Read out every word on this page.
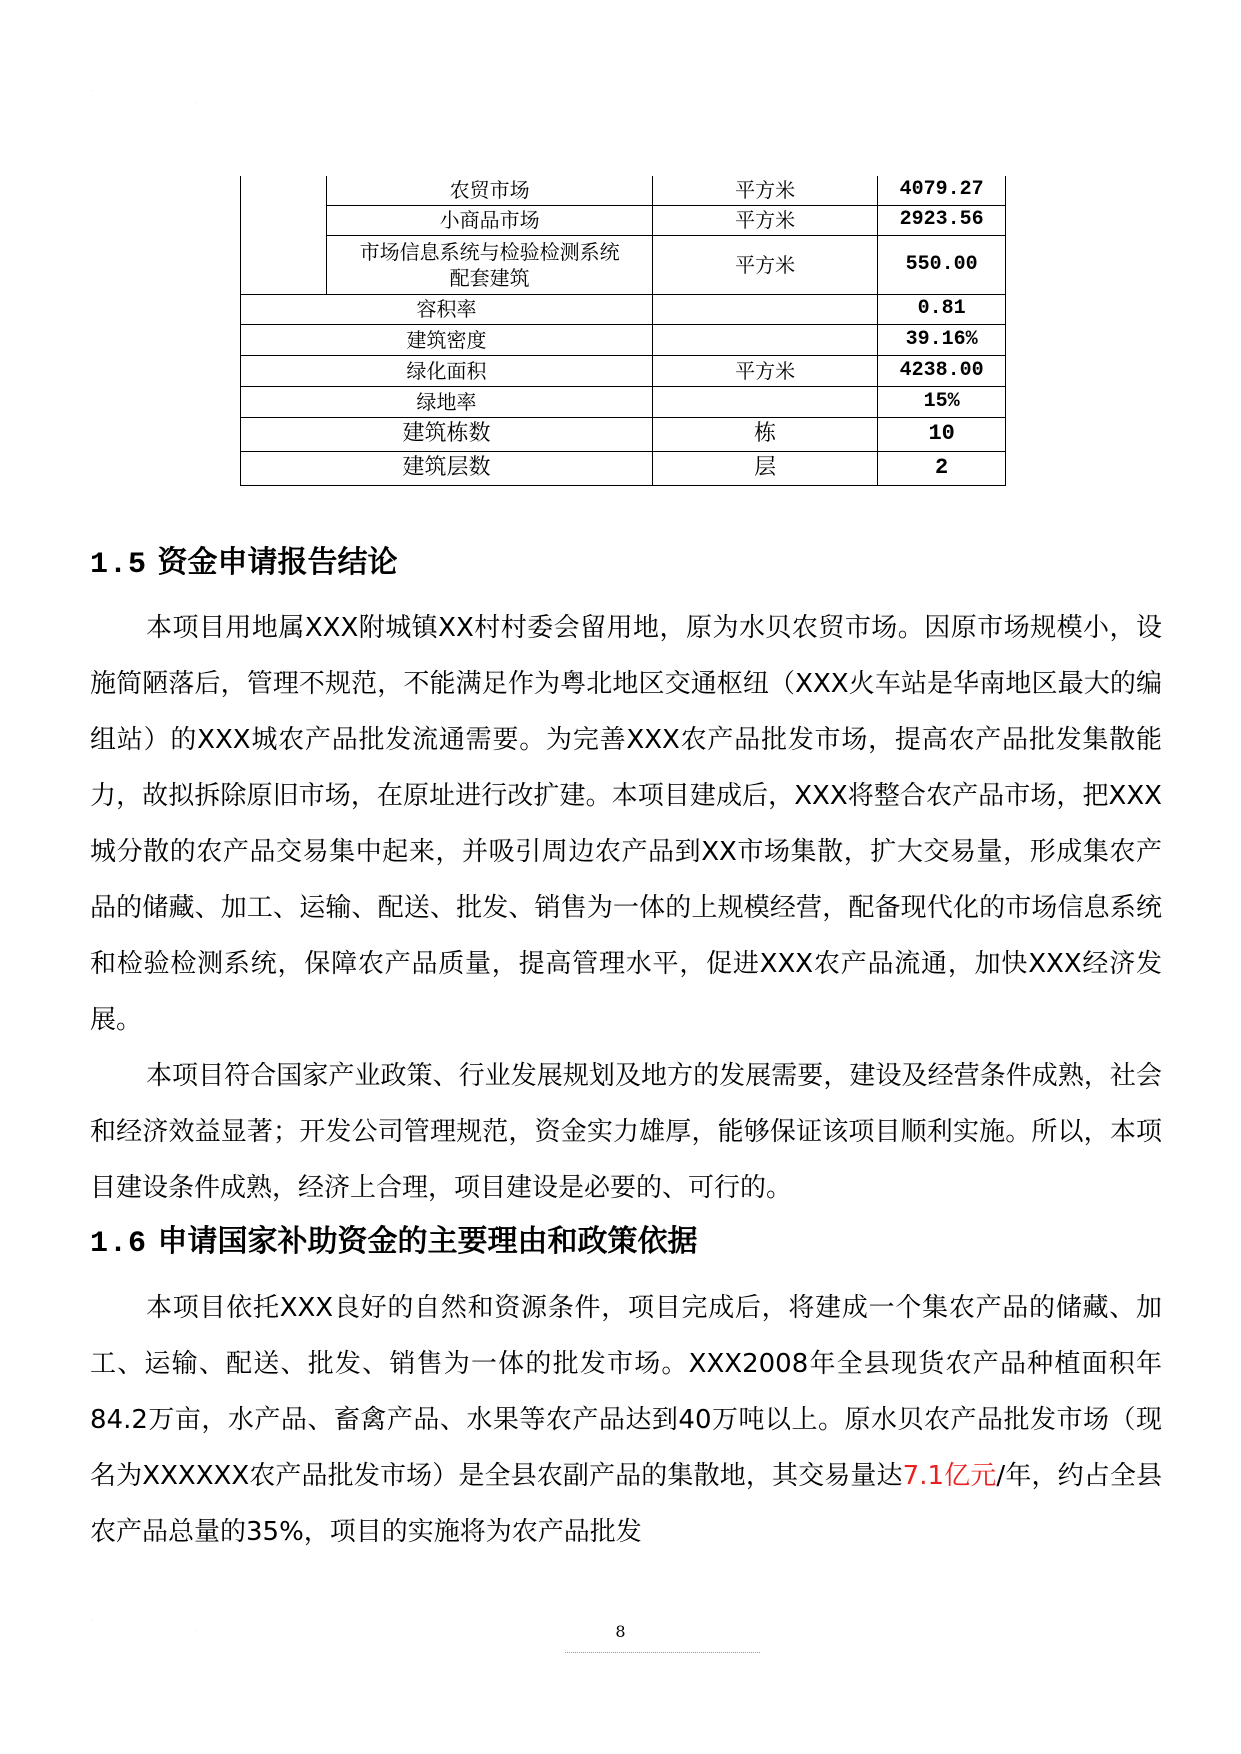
·
·
	农贸市场	平方米	4079.27
	小商品市场	平方米	2923.56
	市场信息系统与检验检测系统
配套建筑	平方米	550.00
容积率			0.81
建筑密度			39.16%
绿化面积		平方米	4238.00
绿地率			15%
建筑栋数		栋	10
建筑层数		层	2
1.5 资金申请报告结论

本项目用地属XXX附城镇XX村村委会留用地，原为水贝农贸市场。因原市场规模小，设施简陋落后，管理不规范，不能满足作为粤北地区交通枢纽（XXX火车站是华南地区最大的编组站）的XXX城农产品批发流通需要。为完善XXX农产品批发市场，提高农产品批发集散能力，故拟拆除原旧市场，在原址进行改扩建。本项目建成后，XXX将整合农产品市场，把XXX城分散的农产品交易集中起来，并吸引周边农产品到XX市场集散，扩大交易量，形成集农产品的储藏、加工、运输、配送、批发、销售为一体的上规模经营，配备现代化的市场信息系统和检验检测系统，保障农产品质量，提高管理水平，促进XXX农产品流通，加快XXX经济发展。

本项目符合国家产业政策、行业发展规划及地方的发展需要，建设及经营条件成熟，社会和经济效益显著；开发公司管理规范，资金实力雄厚，能够保证该项目顺利实施。所以，本项目建设条件成熟，经济上合理，项目建设是必要的、可行的。

1.6 申请国家补助资金的主要理由和政策依据

本项目依托XXX良好的自然和资源条件，项目完成后，将建成一个集农产品的储藏、加工、运输、配送、批发、销售为一体的批发市场。XXX2008年全县现货农产品种植面积年84.2万亩，水产品、畜禽产品、水果等农产品达到40万吨以上。原水贝农产品批发市场（现名为XXXXXX农产品批发市场）是全县农副产品的集散地，其交易量达7.1亿元/年，约占全县农产品总量的35%，项目的实施将为农产品批发

·
·	8
